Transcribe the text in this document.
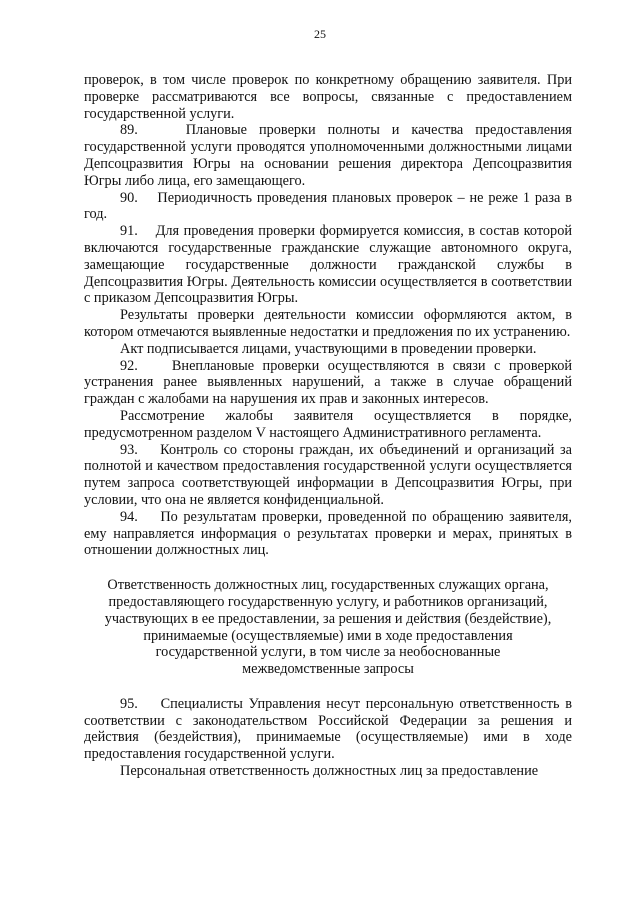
25

проверок, в том числе проверок по конкретному обращению заявителя. При проверке рассматриваются все вопросы, связанные с предоставлением государственной услуги.

89.    Плановые проверки полноты и качества предоставления государственной услуги проводятся уполномоченными должностными лицами Депсоцразвития Югры на основании решения директора Депсоцразвития Югры либо лица, его замещающего.

90.    Периодичность проведения плановых проверок – не реже 1 раза в год.

91.    Для проведения проверки формируется комиссия, в состав которой включаются государственные гражданские служащие автономного округа, замещающие государственные должности гражданской службы в Депсоцразвития Югры. Деятельность комиссии осуществляется в соответствии с приказом Депсоцразвития Югры.

Результаты проверки деятельности комиссии оформляются актом, в котором отмечаются выявленные недостатки и предложения по их устранению.

Акт подписывается лицами, участвующими в проведении проверки.

92.    Внеплановые проверки осуществляются в связи с проверкой устранения ранее выявленных нарушений, а также в случае обращений граждан с жалобами на нарушения их прав и законных интересов.

Рассмотрение жалобы заявителя осуществляется в порядке, предусмотренном разделом V настоящего Административного регламента.

93.    Контроль со стороны граждан, их объединений и организаций за полнотой и качеством предоставления государственной услуги осуществляется путем запроса соответствующей информации в Депсоцразвития Югры, при условии, что она не является конфиденциальной.

94.    По результатам проверки, проведенной по обращению заявителя, ему направляется информация о результатах проверки и мерах, принятых в отношении должностных лиц.

Ответственность должностных лиц, государственных служащих органа,
предоставляющего государственную услугу, и работников организаций,
участвующих в ее предоставлении, за решения и действия (бездействие),
принимаемые (осуществляемые) ими в ходе предоставления
государственной услуги, в том числе за необоснованные
межведомственные запросы

95.    Специалисты Управления несут персональную ответственность в соответствии с законодательством Российской Федерации за решения и действия (бездействия), принимаемые (осуществляемые) ими в ходе предоставления государственной услуги.

Персональная ответственность должностных лиц за предоставление
